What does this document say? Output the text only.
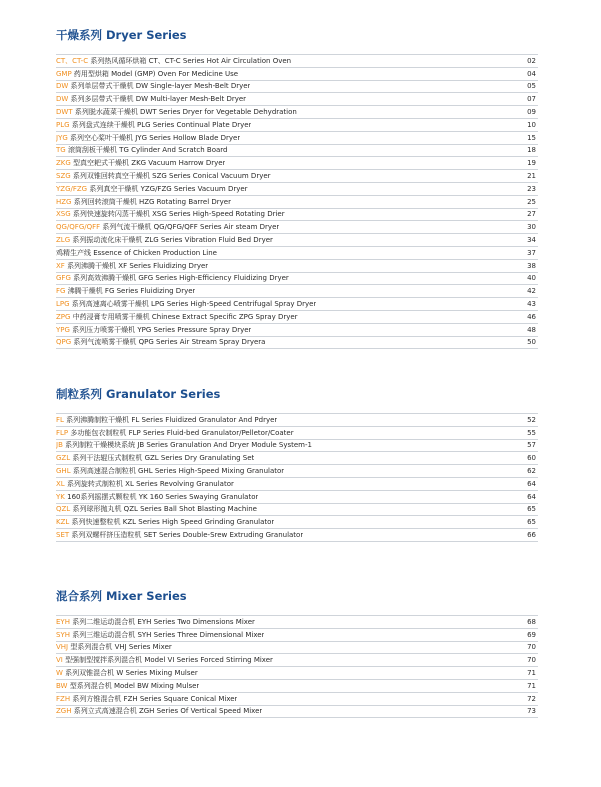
干燥系列 Dryer Series
CT、CT-C 系列热风循环烘箱 CT、CT-C Series Hot Air Circulation Oven	02
GMP 药用型烘箱 Model (GMP) Oven For Medicine Use	04
DW 系列单层带式干燥机 DW Single-layer Mesh-Belt Dryer	05
DW 系列多层带式干燥机 DW Multi-layer Mesh-Belt Dryer	07
DWT 系列脱水蔬菜干燥机 DWT Series Dryer for Vegetable Dehydration	09
PLG 系列盘式连续干燥机 PLG Series Continual Plate Dryer	10
JYG 系列空心桨叶干燥机 JYG Series Hollow Blade Dryer	15
TG 滚筒刮板干燥机 TG Cylinder And Scratch Board	18
ZKG 型真空耙式干燥机 ZKG Vacuum Harrow Dryer	19
SZG 系列双锥回转真空干燥机 SZG Series Conical Vacuum Dryer	21
YZG/FZG 系列真空干燥机 YZG/FZG Series Vacuum Dryer	23
HZG 系列回转滚筒干燥机 HZG Rotating Barrel Dryer	25
XSG 系列快速旋转闪蒸干燥机 XSG Series High-Speed Rotating Drier	27
QG/QFG/QFF 系列气流干燥机 QG/QFG/QFF Series Air steam Dryer	30
ZLG 系列振动流化床干燥机 ZLG Series Vibration Fluid Bed Dryer	34
鸡精生产线 Essence of Chicken Production Line	37
XF 系列沸腾干燥机 XF Series Fluidizing Dryer	38
GFG 系列高效沸腾干燥机 GFG Series High-Efficiency Fluidizing Dryer	40
FG 沸腾干燥机 FG Series Fluidizing Dryer	42
LPG 系列高速离心喷雾干燥机 LPG Series High-Speed Centrifugal Spray Dryer	43
ZPG 中药浸膏专用喷雾干燥机 Chinese Extract Specific ZPG Spray Dryer	46
YPG 系列压力喷雾干燥机 YPG Series Pressure Spray Dryer	48
QPG 系列气流喷雾干燥机 QPG Series Air Stream Spray Dryera	50
制粒系列 Granulator Series
FL 系列沸腾制粒干燥机 FL Series Fluidized Granulator And Pdryer	52
FLP 多功能包衣制粒机 FLP Series Fluid-bed Granulator/Pelletor/Coater	55
JB 系列制粒干燥模块系统 JB Series Granulation And Dryer Module System-1	57
GZL 系列干法辊压式制粒机 GZL Series Dry Granulating Set	60
GHL 系列高速混合制粒机 GHL Series High-Speed Mixing Granulator	62
XL 系列旋转式制粒机 XL Series Revolving Granulator	64
YK 160系列摇摆式颗粒机 YK 160 Series Swaying Granulator	64
QZL 系列球形抛丸机 QZL Series Ball Shot Blasting Machine	65
KZL 系列快速整粒机 KZL Series High Speed Grinding Granulator	65
SET 系列双螺杆挤压造粒机 SET Series Double-Srew Extruding Granulator	66
混合系列 Mixer Series
EYH 系列二维运动混合机 EYH Series Two Dimensions Mixer	68
SYH 系列三维运动混合机 SYH Series Three Dimensional Mixer	69
VHJ 型系列混合机 VHJ Series Mixer	70
VI 型强制型搅拌系列混合机 Model VI Series Forced Stirring Mixer	70
W 系列双锥混合机 W Series Mixing Mulser	71
BW 型系列混合机 Model BW Mixing Mulser	71
FZH 系列方锥混合机 FZH Series Square Conical Mixer	72
ZGH 系列立式高速混合机 ZGH Series Of Vertical Speed Mixer	73
